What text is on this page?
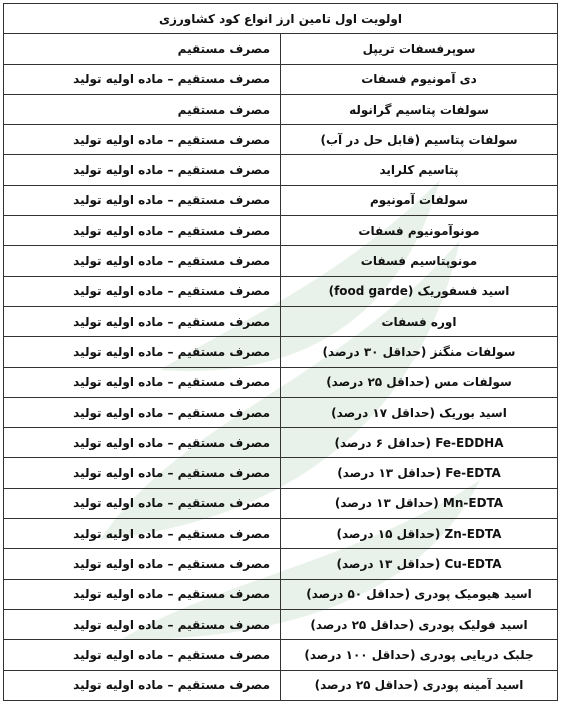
اولویت اول تامین ارز انواع کود کشاورزی	
سوپرفسفات تریپل	مصرف مستقیم
دی آمونیوم فسفات	مصرف مستقیم – ماده اولیه تولید
سولفات پتاسیم گرانوله	مصرف مستقیم
سولفات پتاسیم (قابل حل در آب)	مصرف مستقیم – ماده اولیه تولید
پتاسیم کلراید	مصرف مستقیم – ماده اولیه تولید
سولفات آمونیوم	مصرف مستقیم – ماده اولیه تولید
مونوآمونیوم فسفات	مصرف مستقیم – ماده اولیه تولید
مونوپتاسیم فسفات	مصرف مستقیم – ماده اولیه تولید
اسید فسفوریک (food garde)	مصرف مستقیم – ماده اولیه تولید
اوره فسفات	مصرف مستقیم – ماده اولیه تولید
سولفات منگنز (حداقل ۳۰ درصد)	مصرف مستقیم – ماده اولیه تولید
سولفات مس (حداقل ۲۵ درصد)	مصرف مستقیم – ماده اولیه تولید
اسید بوریک (حداقل ۱۷ درصد)	مصرف مستقیم – ماده اولیه تولید
Fe-EDDHA (حداقل ۶ درصد)	مصرف مستقیم – ماده اولیه تولید
Fe-EDTA (حداقل ۱۳ درصد)	مصرف مستقیم – ماده اولیه تولید
Mn-EDTA (حداقل ۱۳ درصد)	مصرف مستقیم – ماده اولیه تولید
Zn-EDTA (حداقل ۱۵ درصد)	مصرف مستقیم – ماده اولیه تولید
Cu-EDTA (حداقل ۱۳ درصد)	مصرف مستقیم – ماده اولیه تولید
اسید هیومیک پودری (حداقل ۵۰ درصد)	مصرف مستقیم – ماده اولیه تولید
اسید فولیک پودری (حداقل ۲۵ درصد)	مصرف مستقیم – ماده اولیه تولید
جلبک دریایی پودری (حداقل ۱۰۰ درصد)	مصرف مستقیم – ماده اولیه تولید
اسید آمینه پودری (حداقل ۲۵ درصد)	مصرف مستقیم – ماده اولیه تولید
